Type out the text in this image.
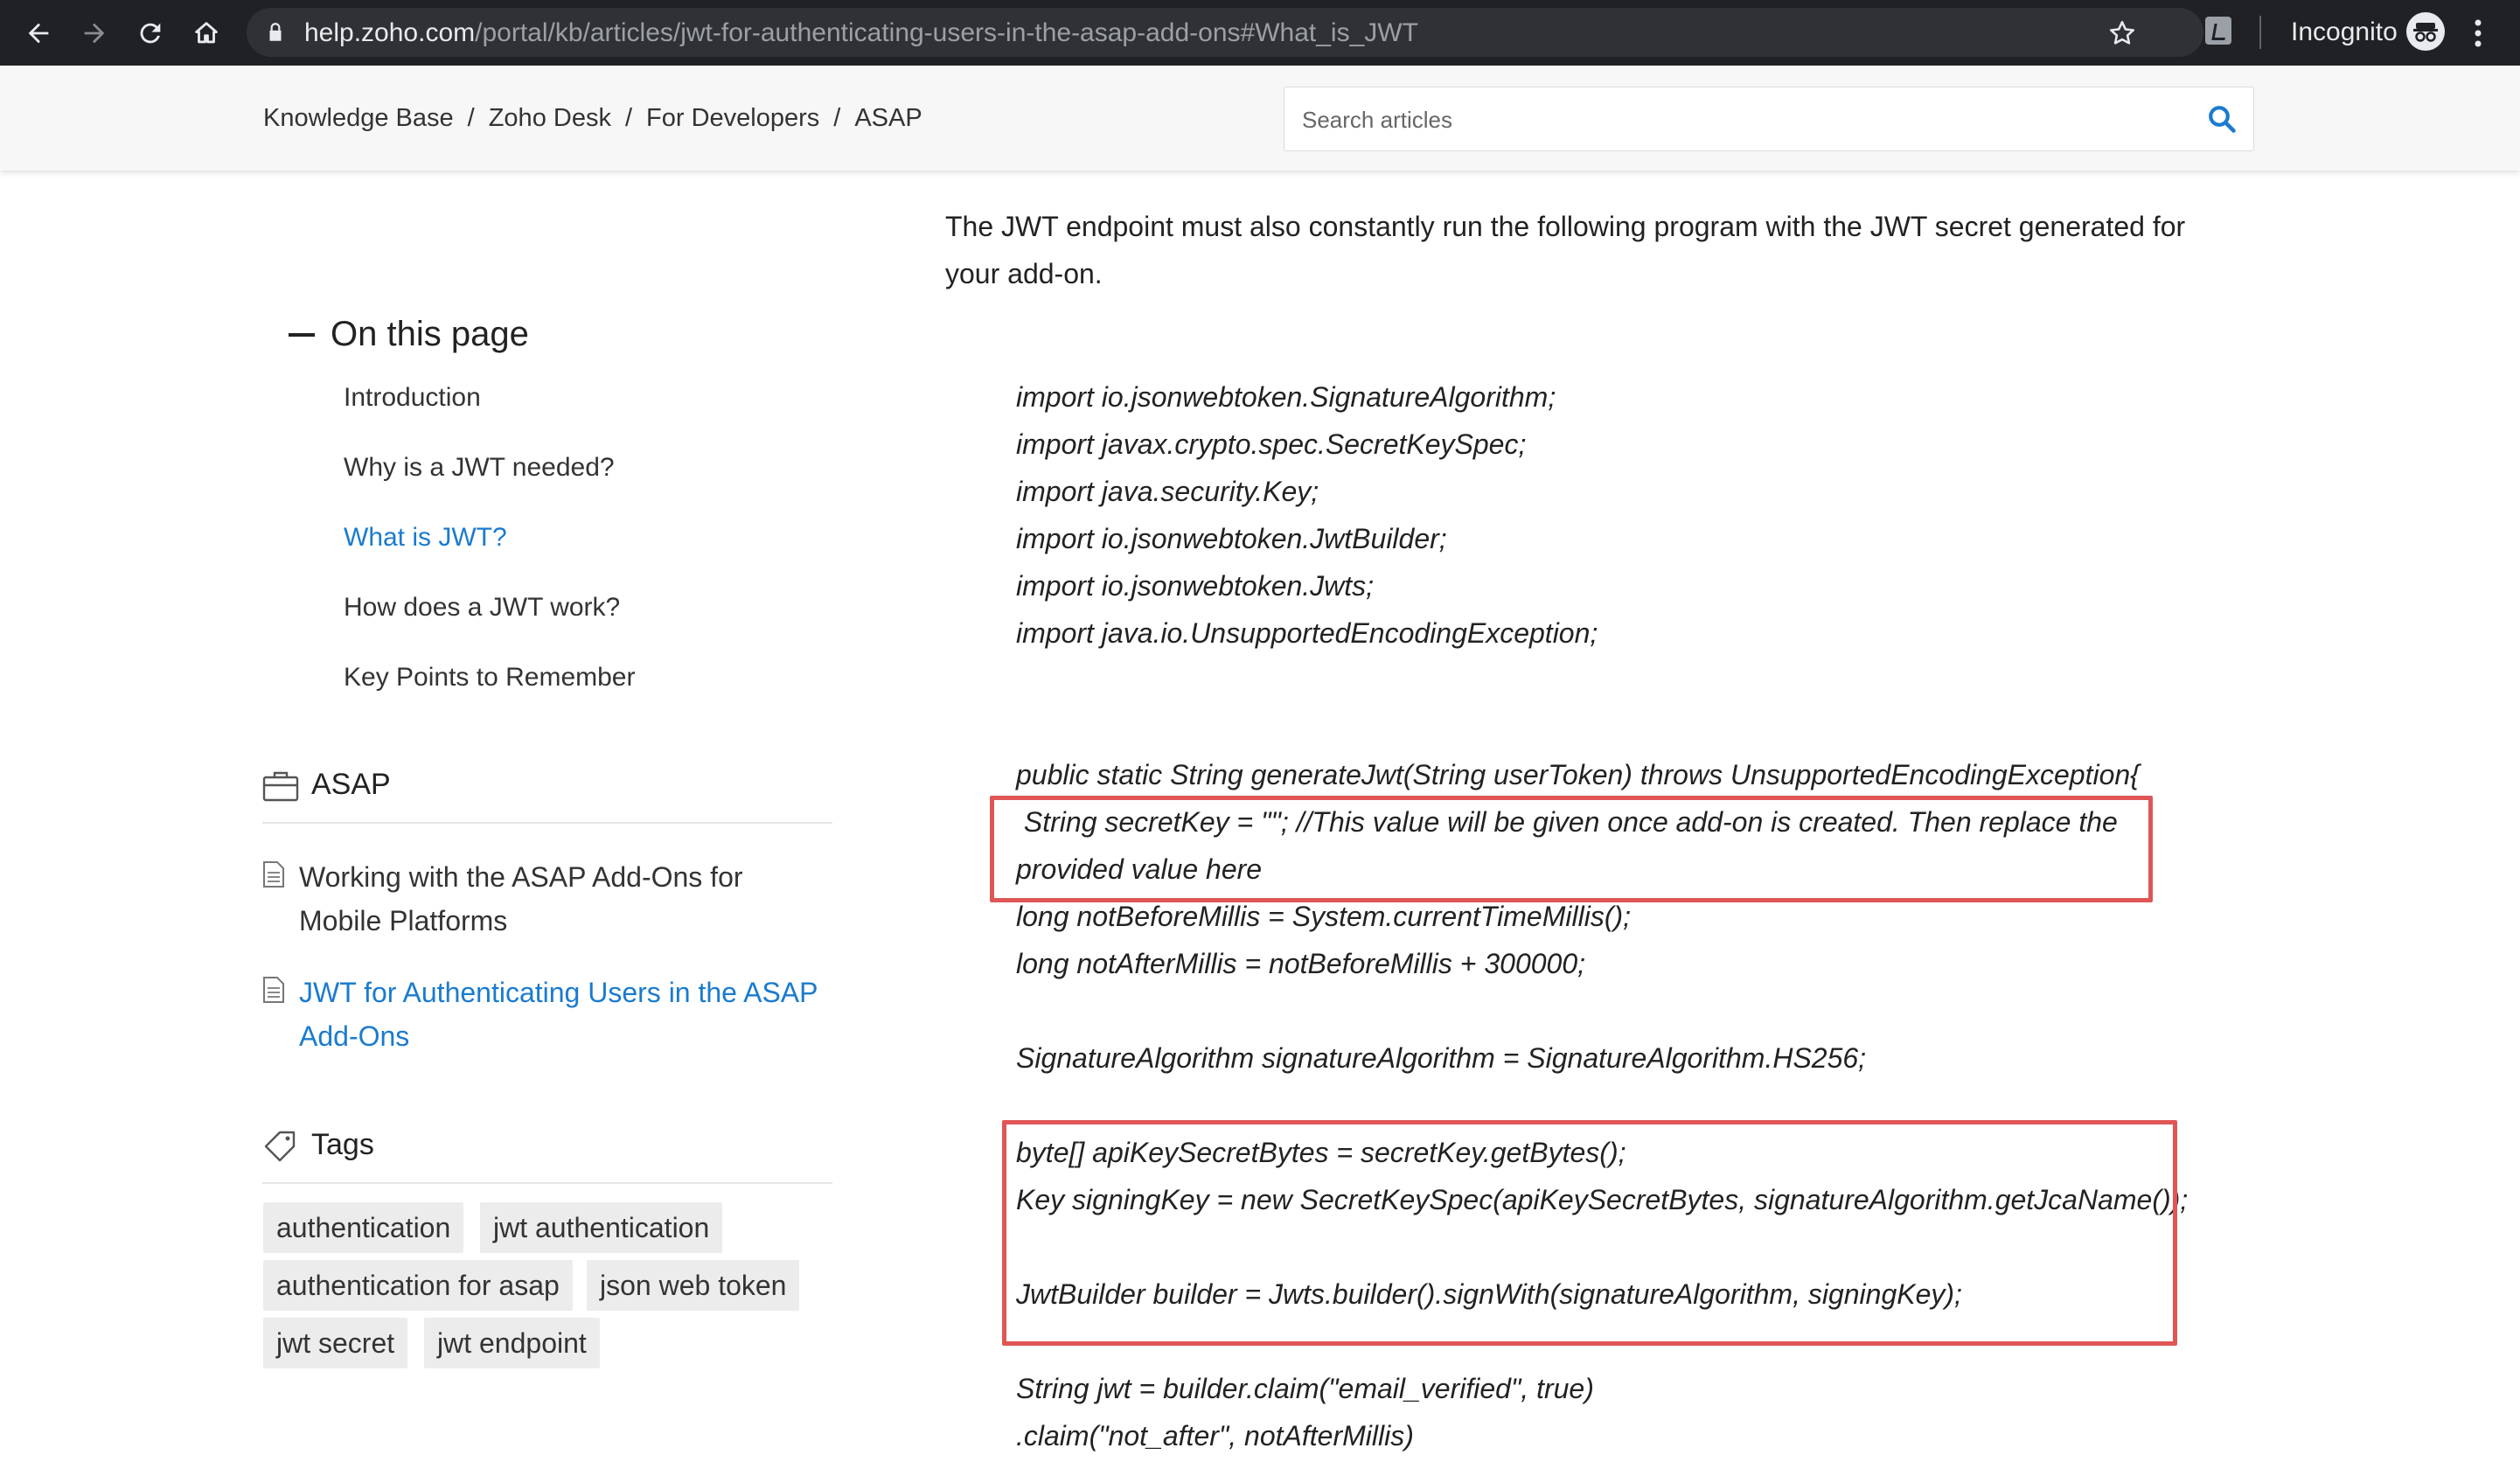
help.zoho.com/portal/kb/articles/jwt-for-authenticating-users-in-the-asap-add-ons#What_is_JWT	Incognito
Knowledge Base / Zoho Desk / For Developers / ASAP
Search articles
On this page
Introduction
Why is a JWT needed?
What is JWT?
How does a JWT work?
Key Points to Remember
ASAP
Working with the ASAP Add-Ons for
Mobile Platforms
JWT for Authenticating Users in the ASAP
Add-Ons
Tags
authentication	jwt authentication
authentication for asap	json web token
jwt secret	jwt endpoint
The JWT endpoint must also constantly run the following program with the JWT secret generated for
your add-on.
import io.jsonwebtoken.SignatureAlgorithm;
import javax.crypto.spec.SecretKeySpec;
import java.security.Key;
import io.jsonwebtoken.JwtBuilder;
import io.jsonwebtoken.Jwts;
import java.io.UnsupportedEncodingException;
public static String generateJwt(String userToken) throws UnsupportedEncodingException{
String secretKey = ""; //This value will be given once add-on is created. Then replace the
provided value here
long notBeforeMillis = System.currentTimeMillis();
long notAfterMillis = notBeforeMillis + 300000;
SignatureAlgorithm signatureAlgorithm = SignatureAlgorithm.HS256;
byte[] apiKeySecretBytes = secretKey.getBytes();
Key signingKey = new SecretKeySpec(apiKeySecretBytes, signatureAlgorithm.getJcaName());
JwtBuilder builder = Jwts.builder().signWith(signatureAlgorithm, signingKey);
String jwt = builder.claim("email_verified", true)
.claim("not_after", notAfterMillis)
